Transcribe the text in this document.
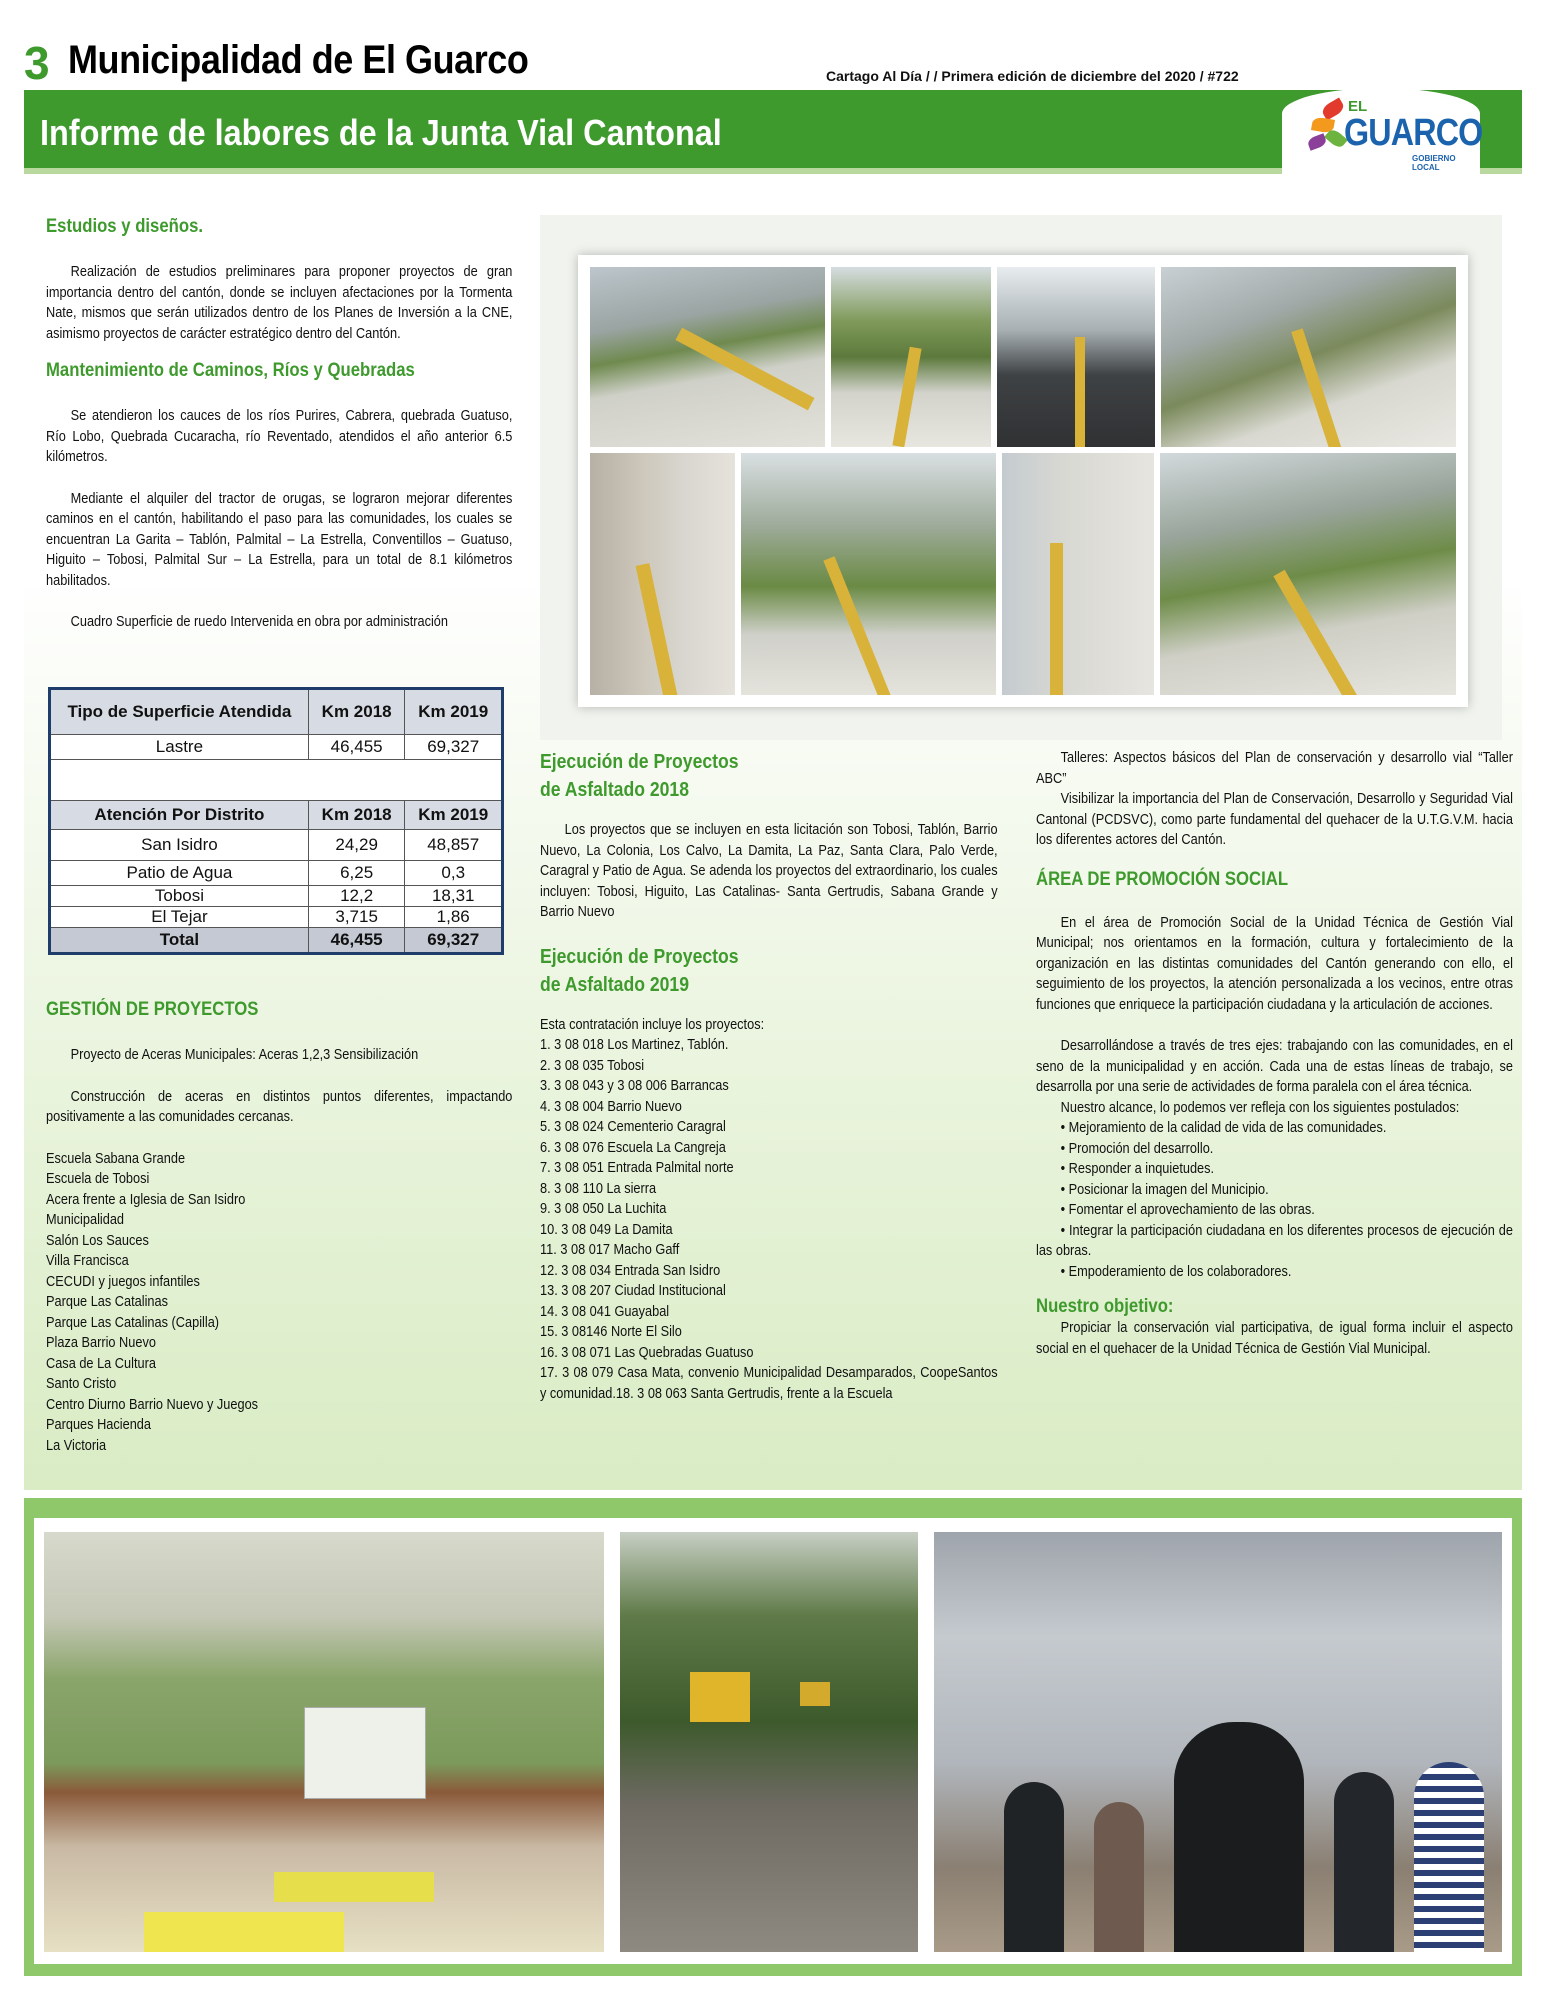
3 Municipalidad de El Guarco	Cartago Al Día / / Primera edición de diciembre del 2020 / #722
Informe de labores de la Junta Vial Cantonal
EL
GUARCO
GOBIERNO LOCAL

Estudios y diseños.

Realización de estudios preliminares para proponer proyectos de gran importancia dentro del cantón, donde se incluyen afectaciones por la Tormenta Nate, mismos que serán utilizados dentro de los Planes de Inversión a la CNE, asimismo proyectos de carácter estratégico dentro del Cantón.

Mantenimiento de Caminos, Ríos y Quebradas

Se atendieron los cauces de los ríos Purires, Cabrera, quebrada Guatuso, Río Lobo, Quebrada Cucaracha, río Reventado, atendidos el año anterior 6.5 kilómetros.

Mediante el alquiler del tractor de orugas, se lograron mejorar diferentes caminos en el cantón, habilitando el paso para las comunidades, los cuales se encuentran La Garita – Tablón, Palmital – La Estrella, Conventillos – Guatuso, Higuito – Tobosi, Palmital Sur – La Estrella, para un total de 8.1 kilómetros habilitados.

Cuadro Superficie de ruedo Intervenida en obra por administración

Tipo de Superficie Atendida	Km 2018	Km 2019
Lastre	46,455	69,327
Atención Por Distrito	Km 2018	Km 2019
San Isidro	24,29	48,857
Patio de Agua	6,25	0,3
Tobosi	12,2	18,31
El Tejar	3,715	1,86
Total	46,455	69,327

GESTIÓN DE PROYECTOS

Proyecto de Aceras Municipales: Aceras 1,2,3 Sensibilización

Construcción de aceras en distintos puntos diferentes, impactando positivamente a las comunidades cercanas.

Escuela Sabana Grande
Escuela de Tobosi
Acera frente a Iglesia de San Isidro
Municipalidad
Salón Los Sauces
Villa Francisca
CECUDI y juegos infantiles
Parque Las Catalinas
Parque Las Catalinas (Capilla)
Plaza Barrio Nuevo
Casa de La Cultura
Santo Cristo
Centro Diurno Barrio Nuevo y Juegos
Parques Hacienda
La Victoria

Ejecución de Proyectos
de Asfaltado 2018

Los proyectos que se incluyen en esta licitación son Tobosi, Tablón, Barrio Nuevo, La Colonia, Los Calvo, La Damita, La Paz, Santa Clara, Palo Verde, Caragral y Patio de Agua. Se adenda los proyectos del extraordinario, los cuales incluyen: Tobosi, Higuito, Las Catalinas- Santa Gertrudis, Sabana Grande y Barrio Nuevo

Ejecución de Proyectos
de Asfaltado 2019

Esta contratación incluye los proyectos:

1. 3 08 018 Los Martinez, Tablón.
2. 3 08 035 Tobosi
3. 3 08 043 y 3 08 006 Barrancas
4. 3 08 004 Barrio Nuevo
5. 3 08 024 Cementerio Caragral
6. 3 08 076 Escuela La Cangreja
7. 3 08 051 Entrada Palmital norte
8. 3 08 110 La sierra
9. 3 08 050 La Luchita
10. 3 08 049 La Damita
11. 3 08 017 Macho Gaff
12. 3 08 034 Entrada San Isidro
13. 3 08 207 Ciudad Institucional
14. 3 08 041 Guayabal
15. 3 08146 Norte El Silo
16. 3 08 071 Las Quebradas Guatuso

17. 3 08 079 Casa Mata, convenio Municipalidad Desamparados, CoopeSantos y comunidad.18. 3 08 063 Santa Gertrudis, frente a la Escuela

Talleres: Aspectos básicos del Plan de conservación y desarrollo vial “Taller ABC”

Visibilizar la importancia del Plan de Conservación, Desarrollo y Seguridad Vial Cantonal (PCDSVC), como parte fundamental del quehacer de la U.T.G.V.M. hacia los diferentes actores del Cantón.

ÁREA DE PROMOCIÓN SOCIAL

En el área de Promoción Social de la Unidad Técnica de Gestión Vial Municipal; nos orientamos en la formación, cultura y fortalecimiento de la organización en las distintas comunidades del Cantón generando con ello, el seguimiento de los proyectos, la atención personalizada a los vecinos, entre otras funciones que enriquece la participación ciudadana y la articulación de acciones.

Desarrollándose a través de tres ejes: trabajando con las comunidades, en el seno de la municipalidad y en acción. Cada una de estas líneas de trabajo, se desarrolla por una serie de actividades de forma paralela con el área técnica.

Nuestro alcance, lo podemos ver refleja con los siguientes postulados:

• Mejoramiento de la calidad de vida de las comunidades.
• Promoción del desarrollo.
• Responder a inquietudes.
• Posicionar la imagen del Municipio.
• Fomentar el aprovechamiento de las obras.
• Integrar la participación ciudadana en los diferentes procesos de ejecución de las obras.
• Empoderamiento de los colaboradores.

Nuestro objetivo:

Propiciar la conservación vial participativa, de igual forma incluir el aspecto social en el quehacer de la Unidad Técnica de Gestión Vial Municipal.
